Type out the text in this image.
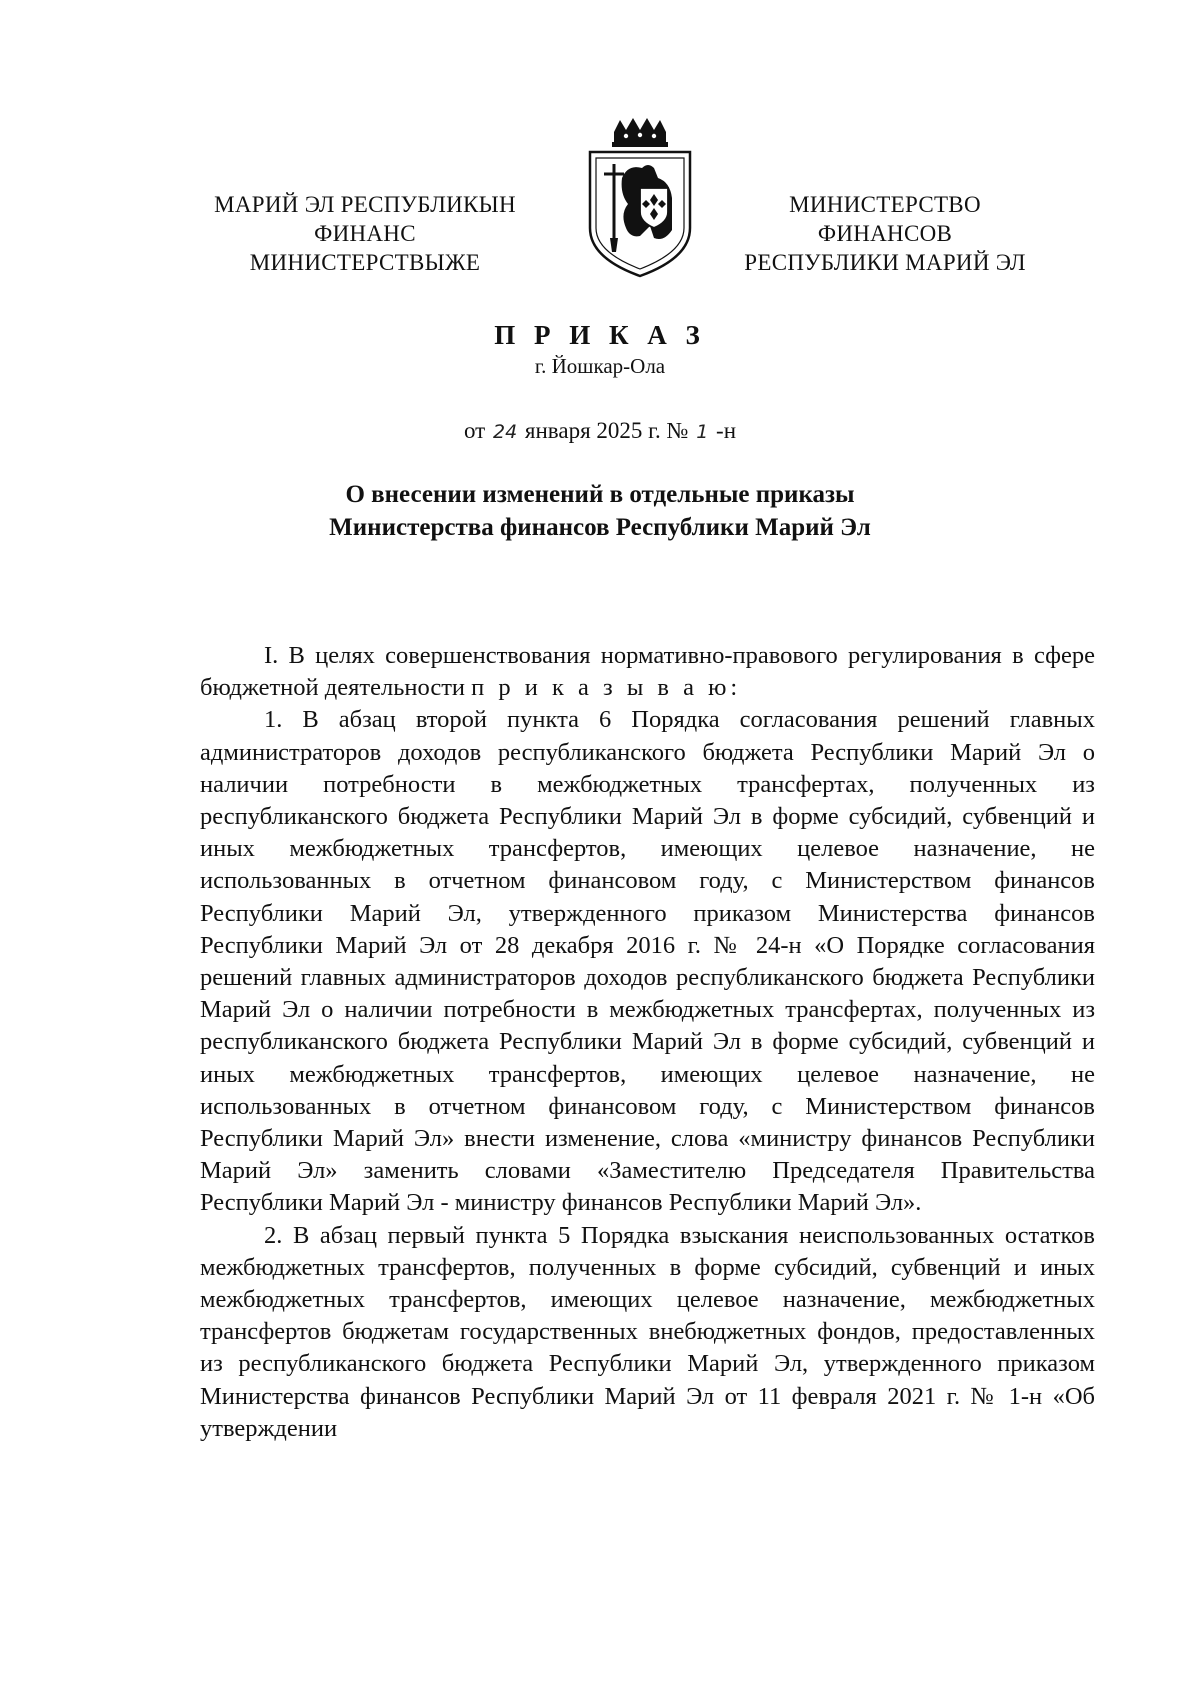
МАРИЙ ЭЛ РЕСПУБЛИКЫН
ФИНАНС МИНИСТЕРСТВЫЖЕ
МИНИСТЕРСТВО ФИНАНСОВ
РЕСПУБЛИКИ МАРИЙ ЭЛ
П Р И К А З
г. Йошкар-Ола
от 24 января 2025 г. № 1 -н
О внесении изменений в отдельные приказы
Министерства финансов Республики Марий Эл

I. В целях совершенствования нормативно-правового регулирования в сфере бюджетной деятельности п р и к а з ы в а ю:

1. В абзац второй пункта 6 Порядка согласования решений главных администраторов доходов республиканского бюджета Республики Марий Эл о наличии потребности в межбюджетных трансфертах, полученных из республиканского бюджета Республики Марий Эл в форме субсидий, субвенций и иных межбюджетных трансфертов, имеющих целевое назначение, не использованных в отчетном финансовом году, с Министерством финансов Республики Марий Эл, утвержденного приказом Министерства финансов Республики Марий Эл от 28 декабря 2016 г. № 24-н «О Порядке согласования решений главных администраторов доходов республиканского бюджета Республики Марий Эл о наличии потребности в межбюджетных трансфертах, полученных из республиканского бюджета Республики Марий Эл в форме субсидий, субвенций и иных межбюджетных трансфертов, имеющих целевое назначение, не использованных в отчетном финансовом году, с Министерством финансов Республики Марий Эл» внести изменение, слова «министру финансов Республики Марий Эл» заменить словами «Заместителю Председателя Правительства Республики Марий Эл - министру финансов Республики Марий Эл».

2. В абзац первый пункта 5 Порядка взыскания неиспользованных остатков межбюджетных трансфертов, полученных в форме субсидий, субвенций и иных межбюджетных трансфертов, имеющих целевое назначение, межбюджетных трансфертов бюджетам государственных внебюджетных фондов, предоставленных из республиканского бюджета Республики Марий Эл, утвержденного приказом Министерства финансов Республики Марий Эл от 11 февраля 2021 г. № 1-н «Об утверждении
